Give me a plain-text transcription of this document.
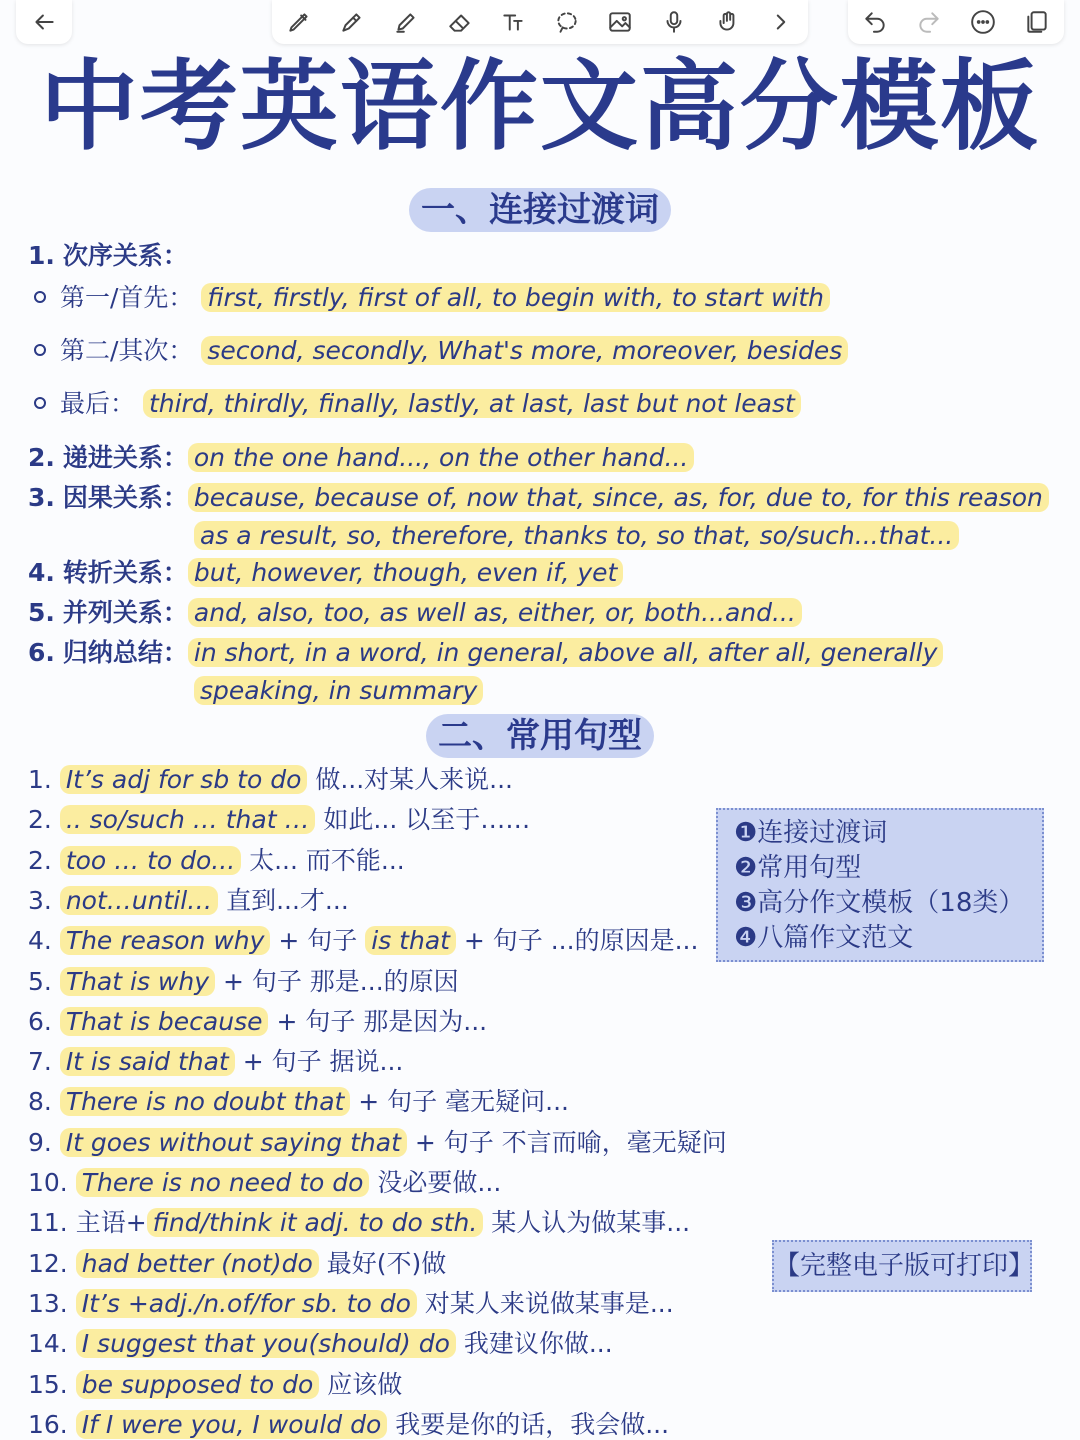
中考英语作文高分模板
一、连接过渡词
1. 次序关系：
第一/首先： first, firstly, first of all, to begin with, to start with
第二/其次： second, secondly, What's more, moreover, besides
最后： third, thirdly, finally, lastly, at last, last but not least
2. 递进关系： on the one hand..., on the other hand...
3. 因果关系： because, because of, now that, since, as, for, due to, for this reason
as a result, so, therefore, thanks to, so that, so/such...that...
4. 转折关系： but, however, though, even if, yet
5. 并列关系： and, also, too, as well as, either, or, both...and...
6. 归纳总结： in short, in a word, in general, above all, after all, generally
speaking, in summary
二、常用句型
1. It’s adj for sb to do 做...对某人来说...
2. .. so/such … that … 如此... 以至于……
2. too … to do... 太... 而不能...
3. not…until… 直到...才...
4. The reason why + 句子 is that + 句子 ...的原因是...
5. That is why + 句子 那是...的原因
6. That is because + 句子 那是因为...
7. It is said that + 句子 据说...
8. There is no doubt that + 句子 毫无疑问...
9. It goes without saying that + 句子 不言而喻，毫无疑问
10. There is no need to do 没必要做...
11. 主语+ find/think it adj. to do sth. 某人认为做某事...
12. had better (not)do 最好(不)做
13. It’s +adj./n.of/for sb. to do 对某人来说做某事是...
14. I suggest that you(should) do 我建议你做...
15. be supposed to do 应该做
16. If I were you, I would do 我要是你的话，我会做...
❶连接过渡词
❷常用句型
❸高分作文模板（18类）
❹八篇作文范文
【完整电子版可打印】
